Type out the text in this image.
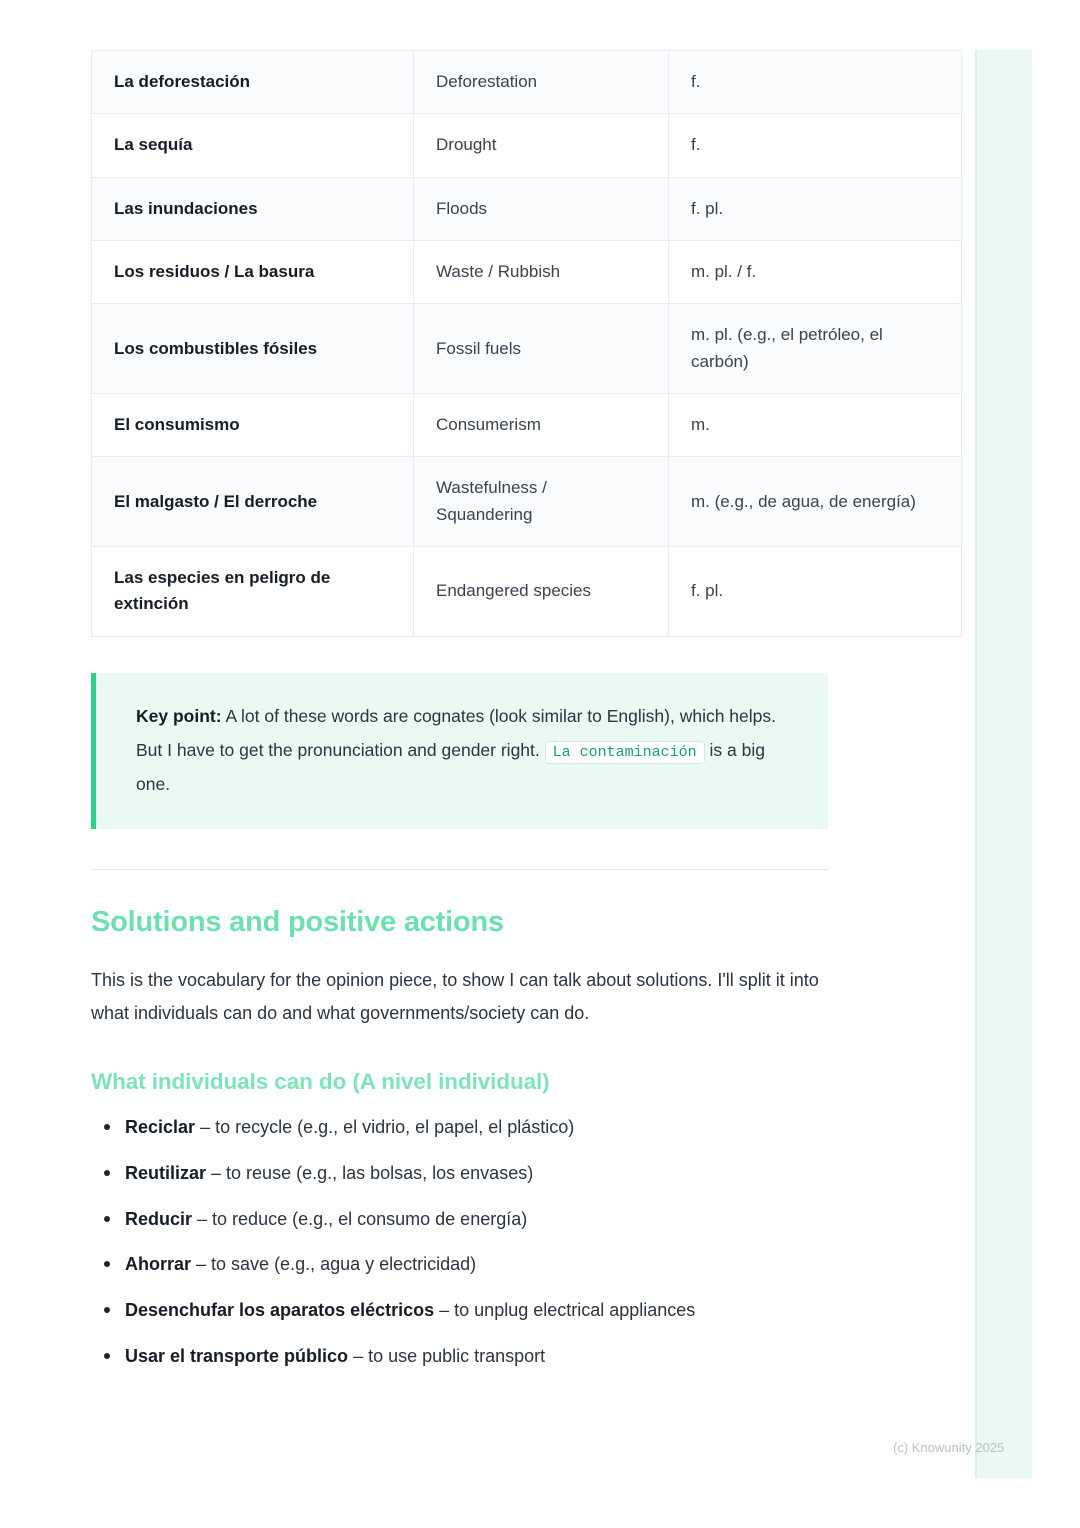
La deforestación	Deforestation	f.
La sequía	Drought	f.
Las inundaciones	Floods	f. pl.
Los residuos / La basura	Waste / Rubbish	m. pl. / f.
Los combustibles fósiles	Fossil fuels	m. pl. (e.g., el petróleo, el carbón)
El consumismo	Consumerism	m.
El malgasto / El derroche	Wastefulness / Squandering	m. (e.g., de agua, de energía)
Las especies en peligro de extinción	Endangered species	f. pl.
Key point: A lot of these words are cognates (look similar to English), which helps. But I have to get the pronunciation and gender right. La contaminación is a big one.
Solutions and positive actions

This is the vocabulary for the opinion piece, to show I can talk about solutions. I'll split it into what individuals can do and what governments/society can do.

What individuals can do (A nivel individual)
Reciclar – to recycle (e.g., el vidrio, el papel, el plástico)
Reutilizar – to reuse (e.g., las bolsas, los envases)
Reducir – to reduce (e.g., el consumo de energía)
Ahorrar – to save (e.g., agua y electricidad)
Desenchufar los aparatos eléctricos – to unplug electrical appliances
Usar el transporte público – to use public transport
(c) Knowunity 2025
